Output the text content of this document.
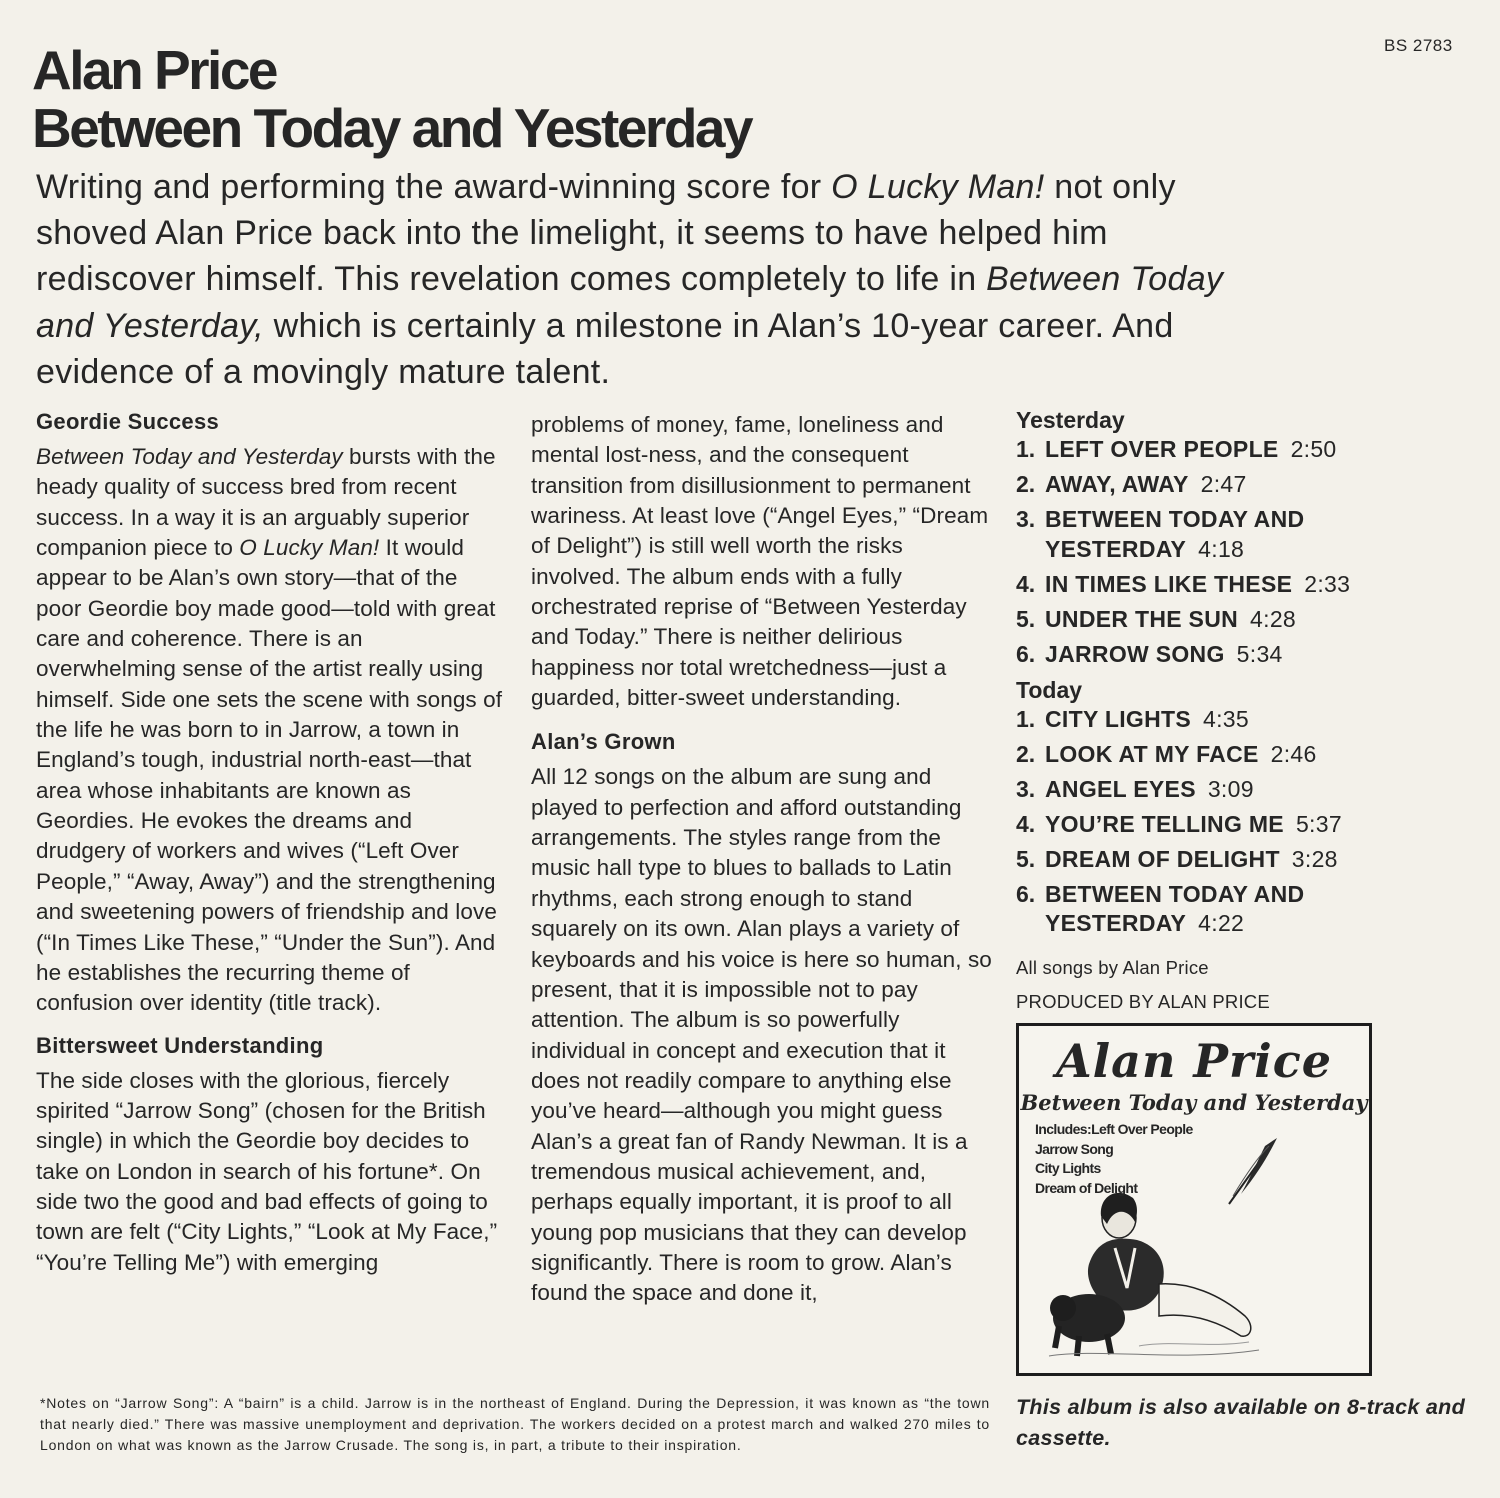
BS 2783
Alan Price
Between Today and Yesterday

Writing and performing the award-winning score for O Lucky Man! not only shoved Alan Price back into the limelight, it seems to have helped him rediscover himself. This revelation comes completely to life in Between Today and Yesterday, which is certainly a milestone in Alan’s 10-year career. And evidence of a movingly mature talent.

Geordie Success

Between Today and Yesterday bursts with the heady quality of success bred from recent success. In a way it is an arguably superior companion piece to O Lucky Man! It would appear to be Alan’s own story—that of the poor Geordie boy made good—told with great care and coherence. There is an overwhelming sense of the artist really using himself. Side one sets the scene with songs of the life he was born to in Jarrow, a town in England’s tough, industrial north-east—that area whose inhabitants are known as Geordies. He evokes the dreams and drudgery of workers and wives (“Left Over People,” “Away, Away”) and the strengthening and sweetening powers of friendship and love (“In Times Like These,” “Under the Sun”). And he establishes the recurring theme of confusion over identity (title track).

Bittersweet Understanding

The side closes with the glorious, fiercely spirited “Jarrow Song” (chosen for the British single) in which the Geordie boy decides to take on London in search of his fortune*. On side two the good and bad effects of going to town are felt (“City Lights,” “Look at My Face,” “You’re Telling Me”) with emerging

problems of money, fame, loneliness and mental lost-ness, and the consequent transition from disillusionment to permanent wariness. At least love (“Angel Eyes,” “Dream of Delight”) is still well worth the risks involved. The album ends with a fully orchestrated reprise of “Between Yesterday and Today.” There is neither delirious happiness nor total wretchedness—just a guarded, bitter-sweet understanding.

Alan’s Grown

All 12 songs on the album are sung and played to perfection and afford outstanding arrangements. The styles range from the music hall type to blues to ballads to Latin rhythms, each strong enough to stand squarely on its own. Alan plays a variety of keyboards and his voice is here so human, so present, that it is impossible not to pay attention. The album is so powerfully individual in concept and execution that it does not readily compare to anything else you’ve heard—although you might guess Alan’s a great fan of Randy Newman. It is a tremendous musical achievement, and, perhaps equally important, it is proof to all young pop musicians that they can develop significantly. There is room to grow. Alan’s found the space and done it,

Yesterday
1. LEFT OVER PEOPLE 2:50
2. AWAY, AWAY 2:47
3. BETWEEN TODAY AND YESTERDAY 4:18
4. IN TIMES LIKE THESE 2:33
5. UNDER THE SUN 4:28
6. JARROW SONG 5:34
Today
1. CITY LIGHTS 4:35
2. LOOK AT MY FACE 2:46
3. ANGEL EYES 3:09
4. YOU’RE TELLING ME 5:37
5. DREAM OF DELIGHT 3:28
6. BETWEEN TODAY AND YESTERDAY 4:22
All songs by Alan Price
PRODUCED BY ALAN PRICE
Alan Price
Between Today and Yesterday
Includes:Left Over People
Jarrow Song
City Lights
Dream of Delight
This album is also available on 8-track and cassette.

*Notes on “Jarrow Song”: A “bairn” is a child. Jarrow is in the northeast of England. During the Depression, it was known as “the town that nearly died.” There was massive unemployment and deprivation. The workers decided on a protest march and walked 270 miles to London on what was known as the Jarrow Crusade. The song is, in part, a tribute to their inspiration.
